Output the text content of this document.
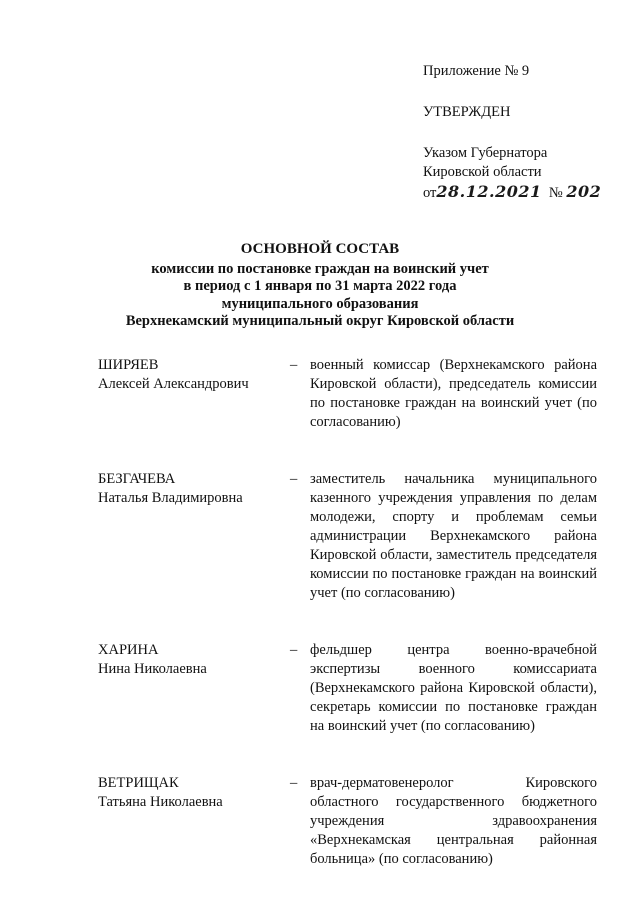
Приложение № 9
УТВЕРЖДЕН
Указом Губернатора
Кировской области
от28.12.2021 № 202
ОСНОВНОЙ СОСТАВ
комиссии по постановке граждан на воинский учет
в период с 1 января по 31 марта 2022 года
муниципального образования
Верхнекамский муниципальный округ Кировской области
ШИРЯЕВ
Алексей Александрович
– военный комиссар (Верхнекамского района Кировской области), председатель комиссии по постановке граждан на воинский учет (по согласованию)
БЕЗГАЧЕВА
Наталья Владимировна
– заместитель начальника муниципального казенного учреждения управления по делам молодежи, спорту и проблемам семьи администрации Верхнекамского района Кировской области, заместитель председателя комиссии по постановке граждан на воинский учет (по согласованию)
ХАРИНА
Нина Николаевна
– фельдшер центра военно-врачебной экспертизы военного комиссариата (Верхнекамского района Кировской области), секретарь комиссии по постановке граждан на воинский учет (по согласованию)
ВЕТРИЩАК
Татьяна Николаевна
– врач-дерматовенеролог Кировского областного государственного бюджетного учреждения здравоохранения «Верхнекамская центральная районная больница» (по согласованию)
